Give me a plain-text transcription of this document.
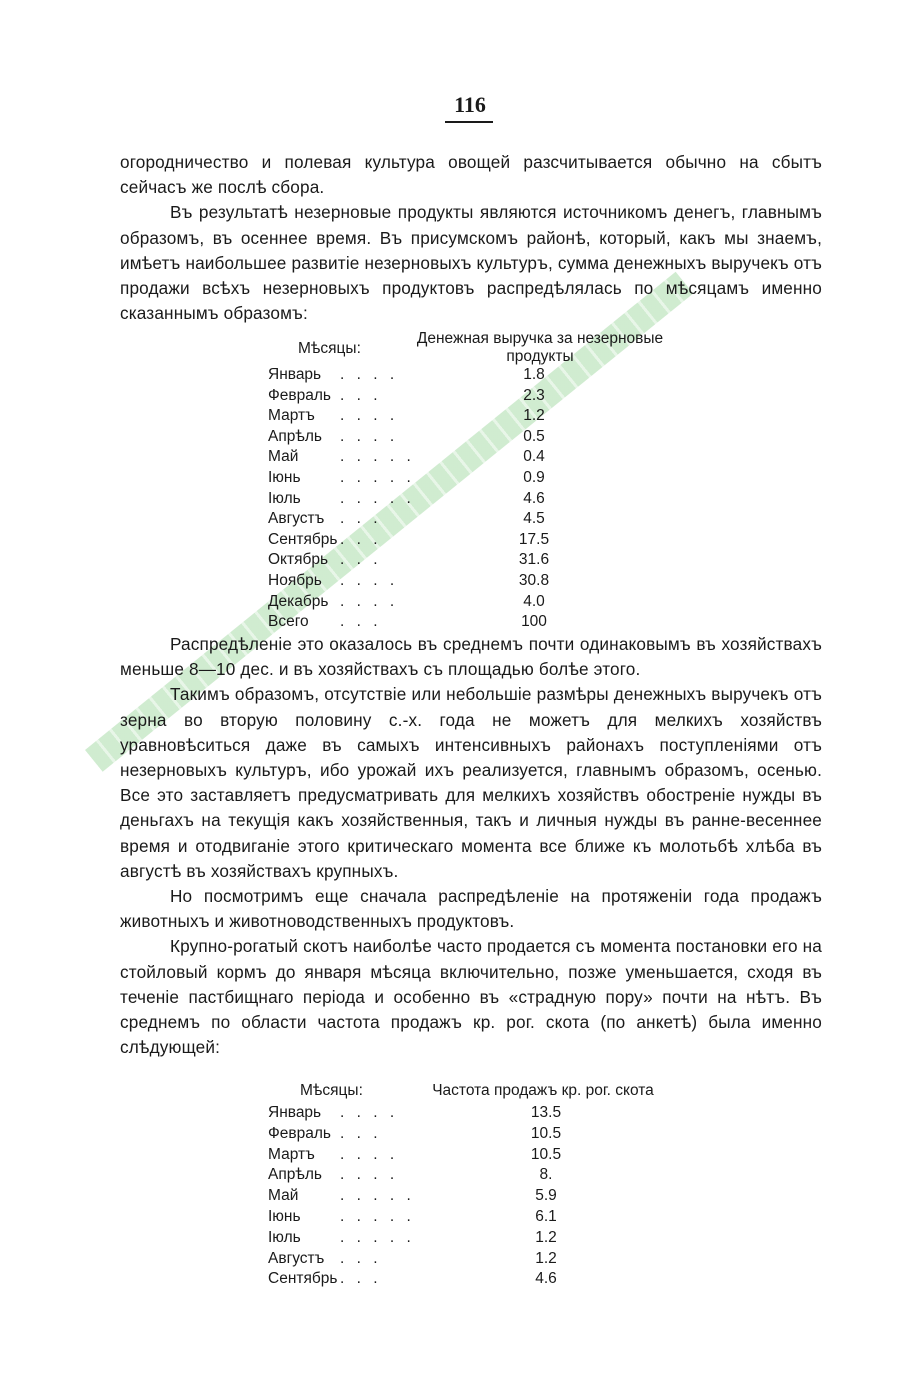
116

огородничество и полевая культура овощей разсчитывается обычно на сбытъ сейчасъ же послѣ сбора.

Въ результатѣ незерновые продукты являются источникомъ денегъ, главнымъ образомъ, въ осеннее время. Въ присумскомъ районѣ, который, какъ мы знаемъ, имѣетъ наибольшее развитіе незерновыхъ культуръ, сумма денежныхъ выручекъ отъ продажи всѣхъ незерновыхъ продуктовъ распредѣлялась по мѣсяцамъ именно сказаннымъ образомъ:

Мѣсяцы:
Денежная выручка за незерновые
продукты
Январь . . . .	1.8
Февраль . . .	2.3
Мартъ . . . .	1.2
Апрѣль . . . .	0.5
Май	. . . . .	0.4
Іюнь	. . . . .	0.9
Іюль	. . . . .	4.6
Августъ . . .	4.5
Сентябрь . . .	17.5
Октябрь . . .	31.6
Ноябрь . . . .	30.8
Декабрь . . . .	4.0
Всего . . .	100

Распредѣленіе это оказалось въ среднемъ почти одинаковымъ въ хозяйствахъ меньше 8—10 дес. и въ хозяйствахъ съ площадью болѣе этого.

Такимъ образомъ, отсутствіе или небольшіе размѣры денежныхъ выручекъ отъ зерна во вторую половину с.-х. года не можетъ для мелкихъ хозяйствъ уравновѣситься даже въ самыхъ интенсивныхъ районахъ поступленіями отъ незерновыхъ культуръ, ибо урожай ихъ реализуется, главнымъ образомъ, осенью. Все это заставляетъ предусматривать для мелкихъ хозяйствъ обостреніе нужды въ деньгахъ на текущія какъ хозяйственныя, такъ и личныя нужды въ ранне-весеннее время и отодвиганіе этого критическаго момента все ближе къ молотьбѣ хлѣба въ августѣ въ хозяйствахъ крупныхъ.

Но посмотримъ еще сначала распредѣленіе на протяженіи года продажъ животныхъ и животноводственныхъ продуктовъ.

Крупно-рогатый скотъ наиболѣе часто продается съ момента постановки его на стойловый кормъ до января мѣсяца включительно, позже уменьшается, сходя въ теченіе пастбищнаго періода и особенно въ «страдную пору» почти на нѣтъ. Въ среднемъ по области частота продажъ кр. рог. скота (по анкетѣ) была именно слѣдующей:

Мѣсяцы:	Частота продажъ кр. рог. скота
Январь . . . .	13.5
Февраль . . .	10.5
Мартъ . . . .	10.5
Апрѣль . . . .	8.
Май	. . . . .	5.9
Іюнь	. . . . .	6.1
Іюль	. . . . .	1.2
Августъ . . .	1.2
Сентябрь . . .	4.6
